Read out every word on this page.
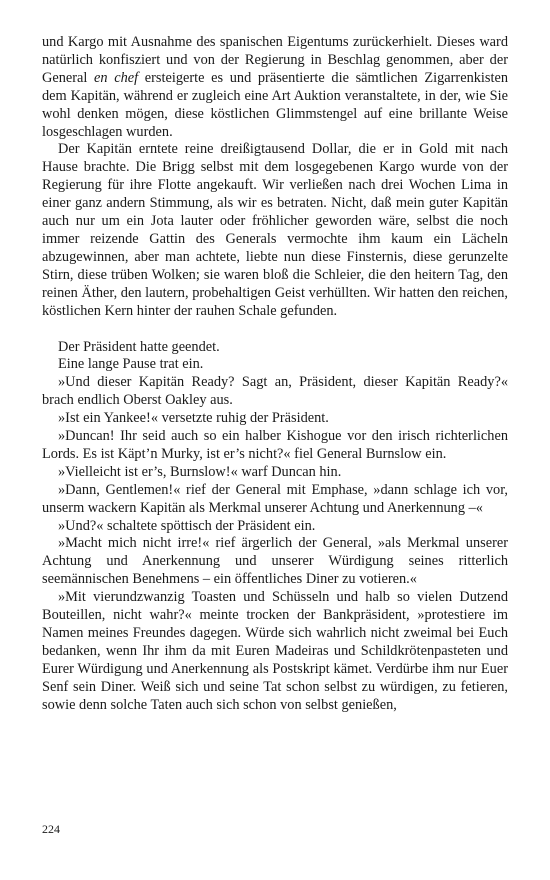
und Kargo mit Ausnahme des spanischen Eigentums zurückerhielt. Dieses ward natürlich konfisziert und von der Regierung in Beschlag genommen, aber der General en chef ersteigerte es und präsentierte die sämtlichen Zigarrenkisten dem Kapitän, während er zugleich eine Art Auktion veranstaltete, in der, wie Sie wohl denken mögen, diese köstlichen Glimmstengel auf eine brillante Weise losgeschlagen wurden.

Der Kapitän erntete reine dreißigtausend Dollar, die er in Gold mit nach Hause brachte. Die Brigg selbst mit dem losgegebenen Kargo wurde von der Regierung für ihre Flotte angekauft. Wir verließen nach drei Wochen Lima in einer ganz andern Stimmung, als wir es betraten. Nicht, daß mein guter Kapitän auch nur um ein Jota lauter oder fröhlicher geworden wäre, selbst die noch immer reizende Gattin des Generals vermochte ihm kaum ein Lächeln abzugewinnen, aber man achtete, liebte nun diese Finsternis, diese gerunzelte Stirn, diese trüben Wolken; sie waren bloß die Schleier, die den heitern Tag, den reinen Äther, den lautern, probehaltigen Geist verhüllten. Wir hatten den reichen, köstlichen Kern hinter der rauhen Schale gefunden.

Der Präsident hatte geendet.

Eine lange Pause trat ein.

»Und dieser Kapitän Ready? Sagt an, Präsident, dieser Kapitän Ready?« brach endlich Oberst Oakley aus.

»Ist ein Yankee!« versetzte ruhig der Präsident.

»Duncan! Ihr seid auch so ein halber Kishogue vor den irisch richterlichen Lords. Es ist Käpt’n Murky, ist er’s nicht?« fiel General Burnslow ein.

»Vielleicht ist er’s, Burnslow!« warf Duncan hin.

»Dann, Gentlemen!« rief der General mit Emphase, »dann schlage ich vor, unserm wackern Kapitän als Merkmal unserer Achtung und Anerkennung –«

»Und?« schaltete spöttisch der Präsident ein.

»Macht mich nicht irre!« rief ärgerlich der General, »als Merkmal unserer Achtung und Anerkennung und unserer Würdigung seines ritterlich seemännischen Benehmens – ein öffentliches Diner zu votieren.«

»Mit vierundzwanzig Toasten und Schüsseln und halb so vielen Dutzend Bouteillen, nicht wahr?« meinte trocken der Bankpräsident, »protestiere im Namen meines Freundes dagegen. Würde sich wahrlich nicht zweimal bei Euch bedanken, wenn Ihr ihm da mit Euren Madeiras und Schildkrötenpasteten und Eurer Würdigung und Anerkennung als Postskript kämet. Verdürbe ihm nur Euer Senf sein Diner. Weiß sich und seine Tat schon selbst zu würdigen, zu fetieren, sowie denn solche Taten auch sich schon von selbst genießen,

224
